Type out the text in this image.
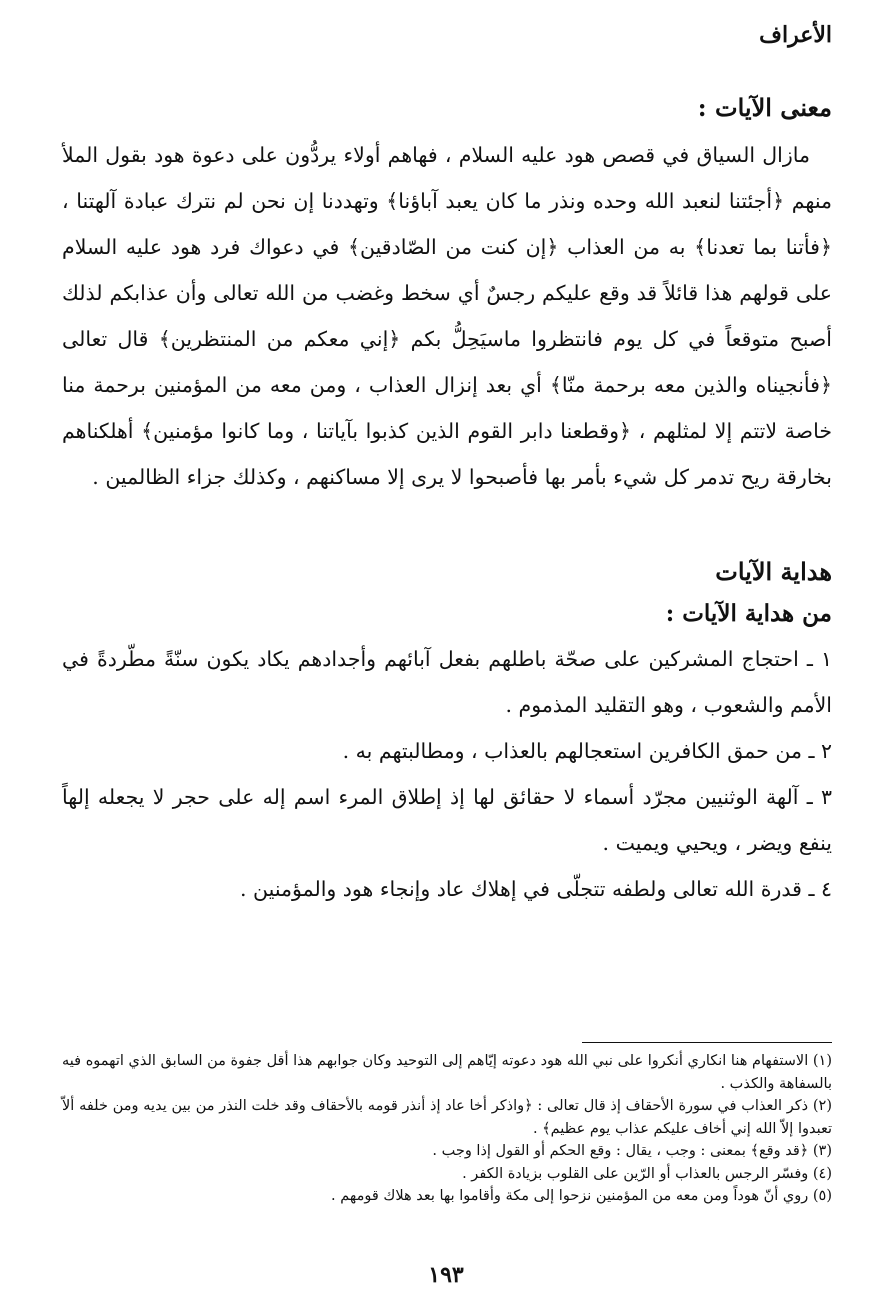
الأعراف
معنى الآيات :

مازال السياق في قصص هود عليه السلام ، فهاهم أولاء يردُّون على دعوة هود بقول الملأ منهم ﴿أجئتنا لنعبد الله وحده ونذر ما كان يعبد آباؤنا﴾ وتهددنا إن نحن لم نترك عبادة آلهتنا ، ﴿فأتنا بما تعدنا﴾ به من العذاب ﴿إن كنت من الصّادقين﴾ في دعواك فرد هود عليه السلام على قولهم هذا قائلاً قد وقع عليكم رجسٌ أي سخط وغضب من الله تعالى وأن عذابكم لذلك أصبح متوقعاً في كل يوم فانتظروا ماسيَحِلُّ بكم ﴿إني معكم من المنتظرين﴾ قال تعالى ﴿فأنجيناه والذين معه برحمة منّا﴾ أي بعد إنزال العذاب ، ومن معه من المؤمنين برحمة منا خاصة لاتتم إلا لمثلهم ، ﴿وقطعنا دابر القوم الذين كذبوا بآياتنا ، وما كانوا مؤمنين﴾ أهلكناهم بخارقة ريح تدمر كل شيء بأمر بها فأصبحوا لا يرى إلا مساكنهم ، وكذلك جزاء الظالمين .

هداية الآيات
من هداية الآيات :

١ ـ احتجاج المشركين على صحّة باطلهم بفعل آبائهم وأجدادهم يكاد يكون سنّةً مطّردةً في الأمم والشعوب ، وهو التقليد المذموم .

٢ ـ من حمق الكافرين استعجالهم بالعذاب ، ومطالبتهم به .

٣ ـ آلهة الوثنيين مجرّد أسماء لا حقائق لها إذ إطلاق المرء اسم إله على حجر لا يجعله إلهاً ينفع ويضر ، ويحيي ويميت .

٤ ـ قدرة الله تعالى ولطفه تتجلّى في إهلاك عاد وإنجاء هود والمؤمنين .

(١) الاستفهام هنا انكاري أنكروا على نبي الله هود دعوته إيّاهم إلى التوحيد وكان جوابهم هذا أقل جفوة من السابق الذي اتهموه فيه بالسفاهة والكذب .

(٢) ذكر العذاب في سورة الأحقاف إذ قال تعالى : ﴿واذكر أخا عاد إذ أنذر قومه بالأحقاف وقد خلت النذر من بين يديه ومن خلفه ألاّ تعبدوا إلاّ الله إني أخاف عليكم عذاب يوم عظيم﴾ .

(٣) ﴿قد وقع﴾ بمعنى : وجب ، يقال : وقع الحكم أو القول إذا وجب .

(٤) وفسّر الرجس بالعذاب أو الرّين على القلوب بزيادة الكفر .

(٥) روي أنّ هوداً ومن معه من المؤمنين نزحوا إلى مكة وأقاموا بها بعد هلاك قومهم .

١٩٣
